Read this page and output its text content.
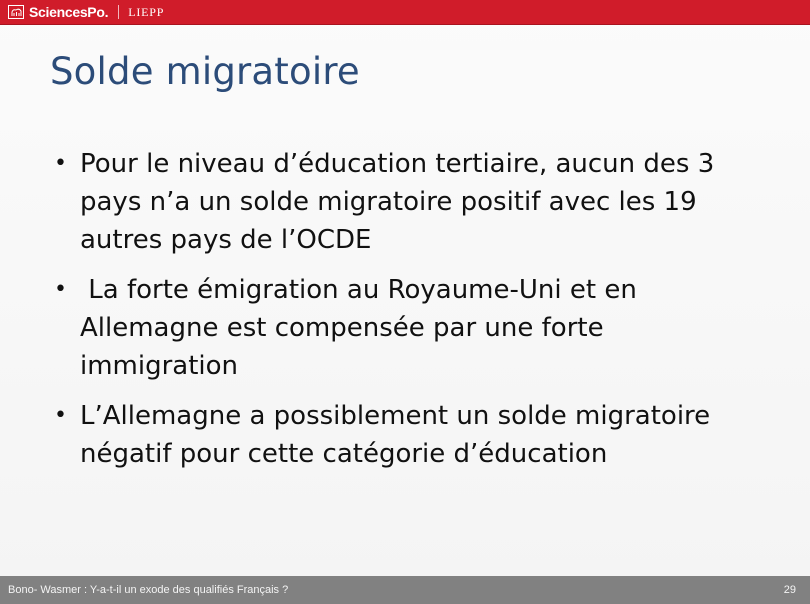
SciencesPo. LIEPP
Solde migratoire
• Pour le niveau d’éducation tertiaire, aucun des 3 pays n’a un solde migratoire positif avec les 19 autres pays de l’OCDE
• La forte émigration au Royaume-Uni et en Allemagne est compensée par une forte immigration
• L’Allemagne a possiblement un solde migratoire négatif pour cette catégorie d’éducation
Bono- Wasmer : Y-a-t-il un exode des qualifiés Français ?	29
